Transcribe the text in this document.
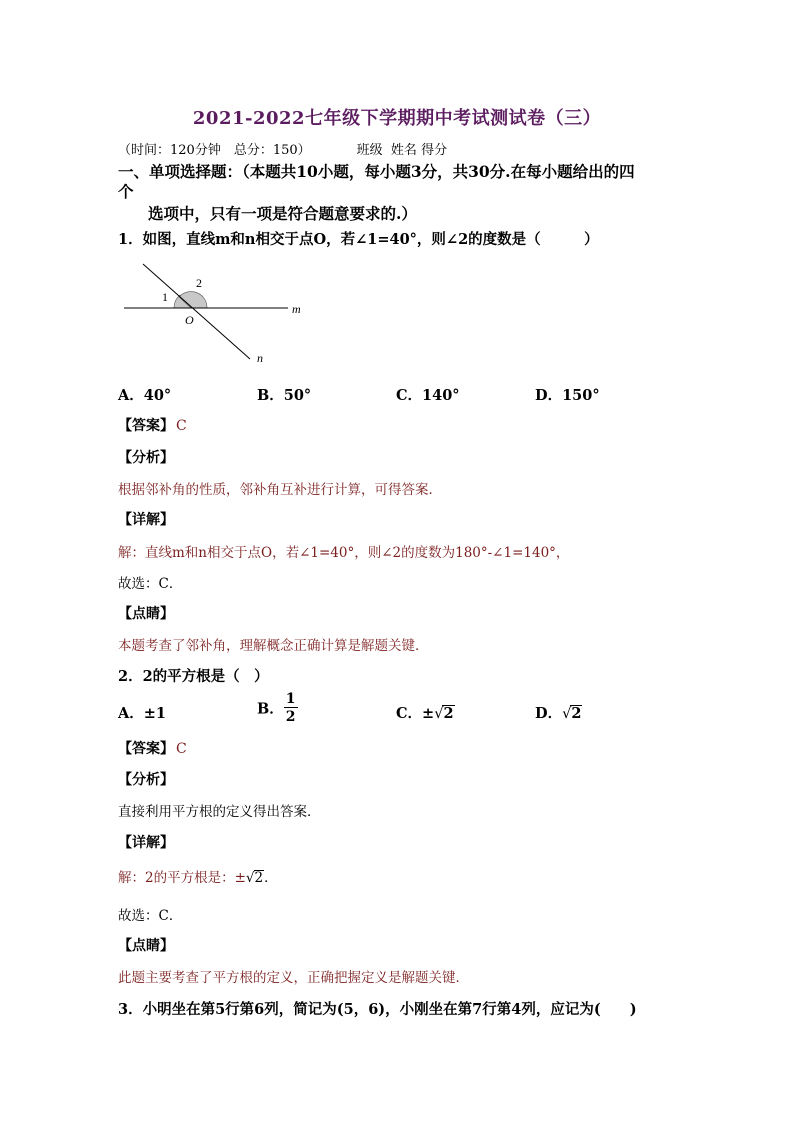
2021-2022七年级下学期期中考试测试卷（三）
（时间：120分钟　总分：150）	班级 姓名 得分
一、单项选择题：（本题共10小题，每小题3分，共30分.在每小题给出的四
个
选项中，只有一项是符合题意要求的.）
1．如图，直线m和n相交于点O，若∠1=40°，则∠2的度数是（　　　）
1
2
O
m
n
A．40°	B．50°	C．140°	D．150°
【答案】 C
【分析】
根据邻补角的性质，邻补角互补进行计算，可得答案．
【详解】
解：直线m和n相交于点O，若∠1=40°，则∠2的度数为180°-∠1=140°，
故选：C．
【点睛】
本题考查了邻补角，理解概念正确计算是解题关键．
2．2的平方根是（　）
A．±1	B． $\frac{1}{2}$	C．±√2	D．√2
【答案】 C
【分析】
直接利用平方根的定义得出答案．
【详解】
解：2的平方根是：±√2．
故选：C．
【点睛】
此题主要考查了平方根的定义，正确把握定义是解题关键．
3．小明坐在第5行第6列，简记为(5，6)，小刚坐在第7行第4列，应记为(　　)
